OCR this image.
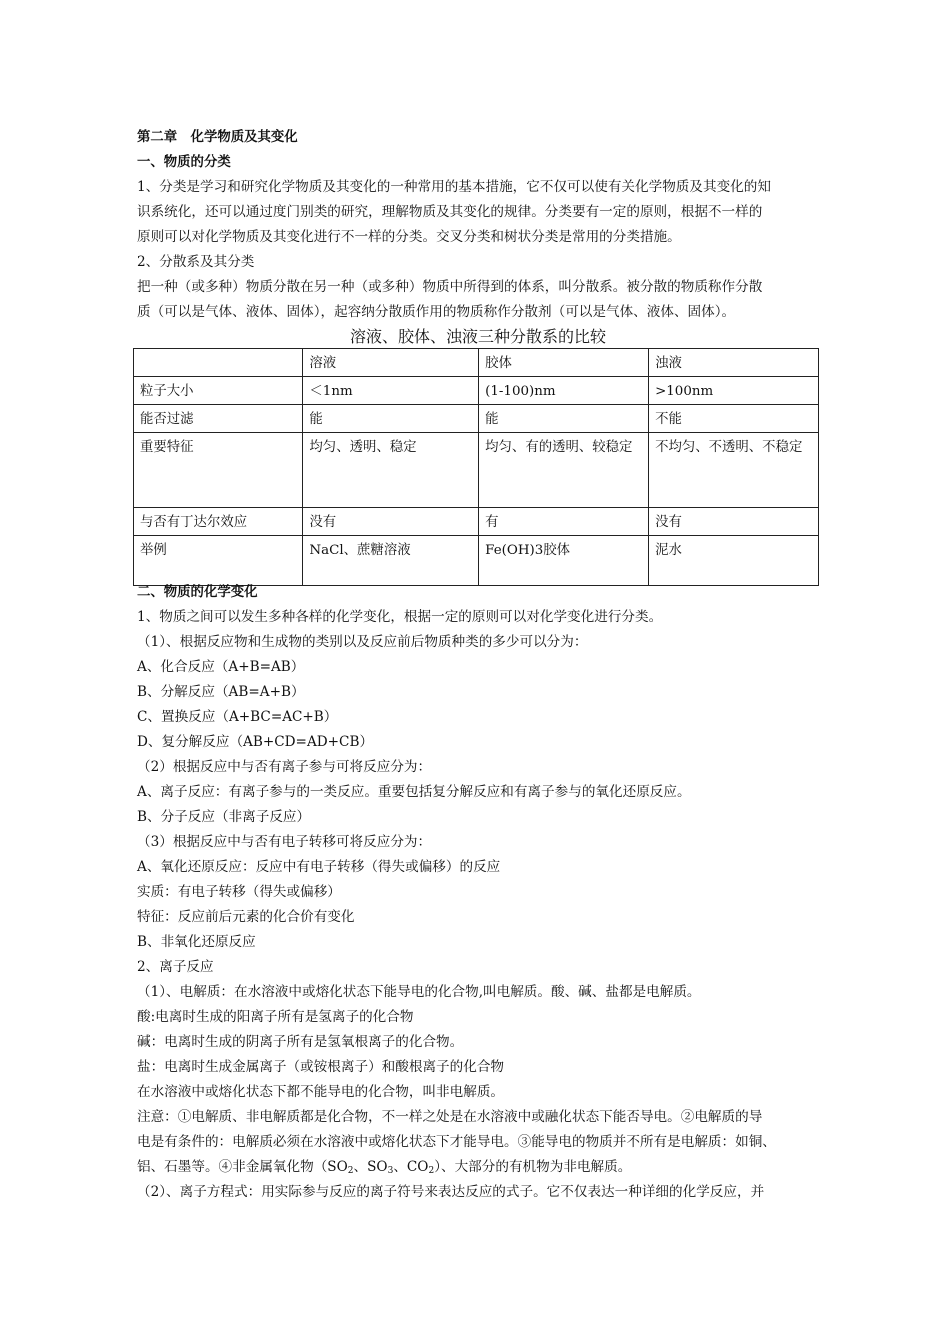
第二章　化学物质及其变化
一、物质的分类
1、分类是学习和研究化学物质及其变化的一种常用的基本措施，它不仅可以使有关化学物质及其变化的知
识系统化，还可以通过度门别类的研究，理解物质及其变化的规律。分类要有一定的原则，根据不一样的
原则可以对化学物质及其变化进行不一样的分类。交叉分类和树状分类是常用的分类措施。
2、分散系及其分类
把一种（或多种）物质分散在另一种（或多种）物质中所得到的体系，叫分散系。被分散的物质称作分散
质（可以是气体、液体、固体），起容纳分散质作用的物质称作分散剂（可以是气体、液体、固体）。
溶液、胶体、浊液三种分散系的比较
	溶液	胶体	浊液
粒子大小	＜1nm	(1-100)nm	>100nm
能否过滤	能	能	不能
重要特征	均匀、透明、稳定	均匀、有的透明、较稳定	不均匀、不透明、不稳定
与否有丁达尔效应	没有	有	没有
举例	NaCl、蔗糖溶液	Fe(OH)3胶体	泥水
二、物质的化学变化
1、物质之间可以发生多种各样的化学变化，根据一定的原则可以对化学变化进行分类。
（1）、根据反应物和生成物的类别以及反应前后物质种类的多少可以分为：
A、化合反应（A+B=AB）
B、分解反应（AB=A+B）
C、置换反应（A+BC=AC+B）
D、复分解反应（AB+CD=AD+CB）
（2）根据反应中与否有离子参与可将反应分为：
A、离子反应：有离子参与的一类反应。重要包括复分解反应和有离子参与的氧化还原反应。
B、分子反应（非离子反应）
（3）根据反应中与否有电子转移可将反应分为：
A、氧化还原反应：反应中有电子转移（得失或偏移）的反应
实质：有电子转移（得失或偏移）
特征：反应前后元素的化合价有变化
B、非氧化还原反应
2、离子反应
（1）、电解质：在水溶液中或熔化状态下能导电的化合物,叫电解质。酸、碱、盐都是电解质。
酸:电离时生成的阳离子所有是氢离子的化合物
碱：电离时生成的阴离子所有是氢氧根离子的化合物。
盐：电离时生成金属离子（或铵根离子）和酸根离子的化合物
在水溶液中或熔化状态下都不能导电的化合物，叫非电解质。
注意：①电解质、非电解质都是化合物，不一样之处是在水溶液中或融化状态下能否导电。②电解质的导
电是有条件的：电解质必须在水溶液中或熔化状态下才能导电。③能导电的物质并不所有是电解质：如铜、
铝、石墨等。④非金属氧化物（$SO_2$、$SO_3$、$CO_2$）、大部分的有机物为非电解质。
（2）、离子方程式：用实际参与反应的离子符号来表达反应的式子。它不仅表达一种详细的化学反应，并
